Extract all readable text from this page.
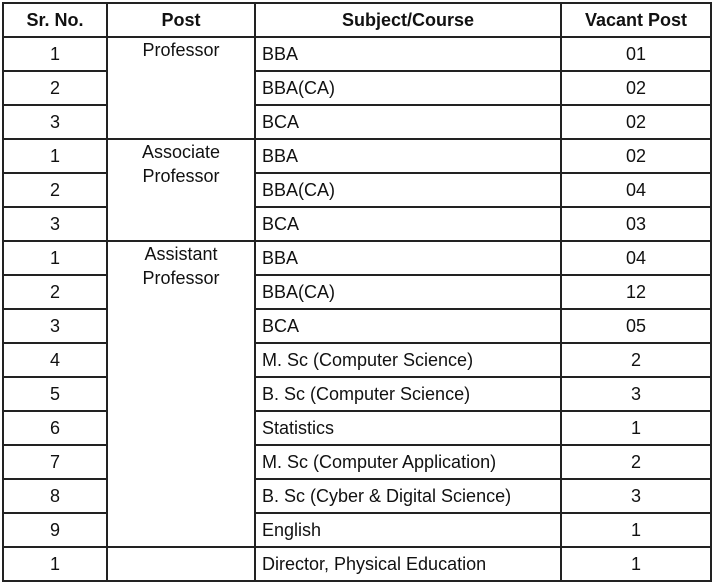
Sr. No.	Post	Subject/Course	Vacant Post
1	Professor	BBA	01
2		BBA(CA)	02
3		BCA	02
1	Associate Professor	BBA	02
2		BBA(CA)	04
3		BCA	03
1	Assistant Professor	BBA	04
2		BBA(CA)	12
3		BCA	05
4		M. Sc (Computer Science)	2
5		B. Sc (Computer Science)	3
6		Statistics	1
7		M. Sc (Computer Application)	2
8		B. Sc (Cyber & Digital Science)	3
9		English	1
1		Director, Physical Education	1
